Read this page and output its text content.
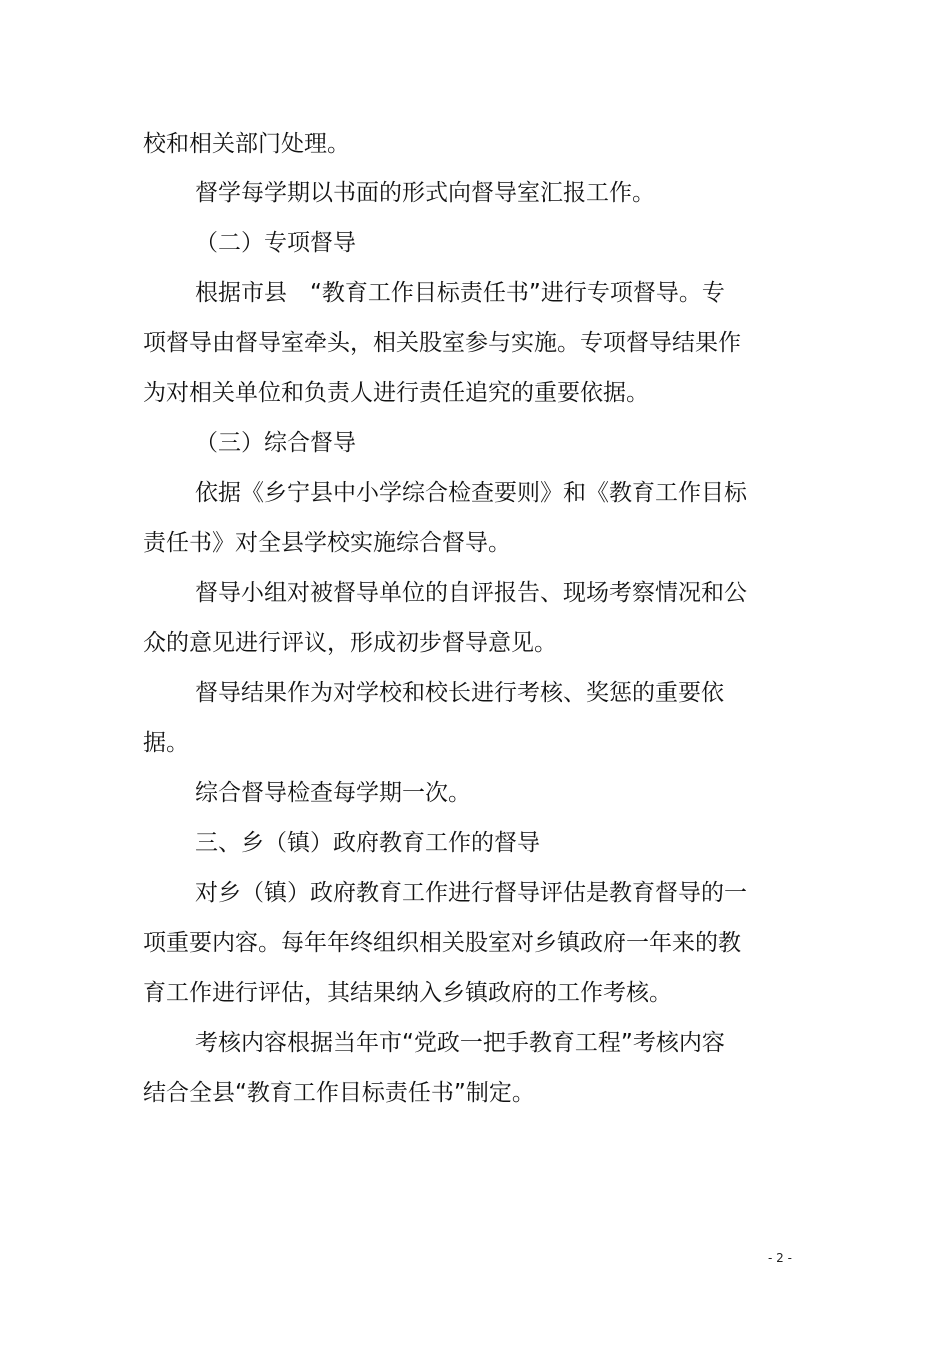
校和相关部门处理。
督学每学期以书面的形式向督导室汇报工作。
（二）专项督导
根据市县　“教育工作目标责任书”进行专项督导。专
项督导由督导室牵头，相关股室参与实施。专项督导结果作
为对相关单位和负责人进行责任追究的重要依据。
（三）综合督导
依据《乡宁县中小学综合检查要则》和《教育工作目标
责任书》对全县学校实施综合督导。
督导小组对被督导单位的自评报告、现场考察情况和公
众的意见进行评议，形成初步督导意见。
督导结果作为对学校和校长进行考核、奖惩的重要依
据。
综合督导检查每学期一次。
三、乡（镇）政府教育工作的督导
对乡（镇）政府教育工作进行督导评估是教育督导的一
项重要内容。每年年终组织相关股室对乡镇政府一年来的教
育工作进行评估，其结果纳入乡镇政府的工作考核。
考核内容根据当年市“党政一把手教育工程”考核内容
结合全县“教育工作目标责任书”制定。
- 2 -
